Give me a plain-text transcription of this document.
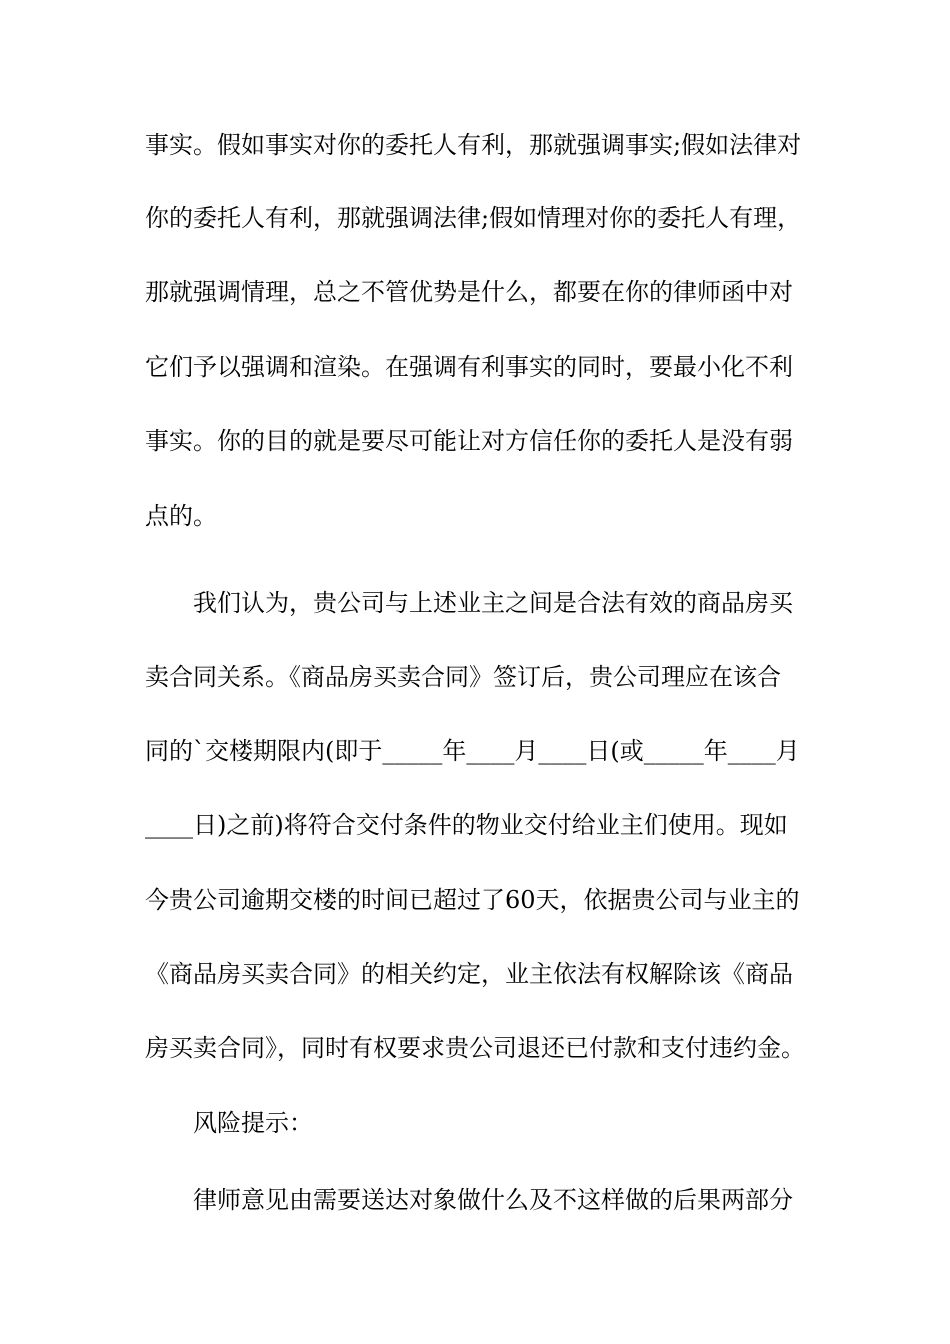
事实。假如事实对你的委托人有利，那就强调事实;假如法律对
你的委托人有利，那就强调法律;假如情理对你的委托人有理，
那就强调情理，总之不管优势是什么，都要在你的律师函中对
它们予以强调和渲染。在强调有利事实的同时，要最小化不利
事实。你的目的就是要尽可能让对方信任你的委托人是没有弱
点的。
我们认为，贵公司与上述业主之间是合法有效的商品房买
卖合同关系。《商品房买卖合同》签订后，贵公司理应在该合
同的`交楼期限内(即于_____年____月____日(或_____年____月
____日)之前)将符合交付条件的物业交付给业主们使用。现如
今贵公司逾期交楼的时间已超过了60天，依据贵公司与业主的
《商品房买卖合同》的相关约定，业主依法有权解除该《商品
房买卖合同》，同时有权要求贵公司退还已付款和支付违约金。
风险提示：
律师意见由需要送达对象做什么及不这样做的后果两部分
